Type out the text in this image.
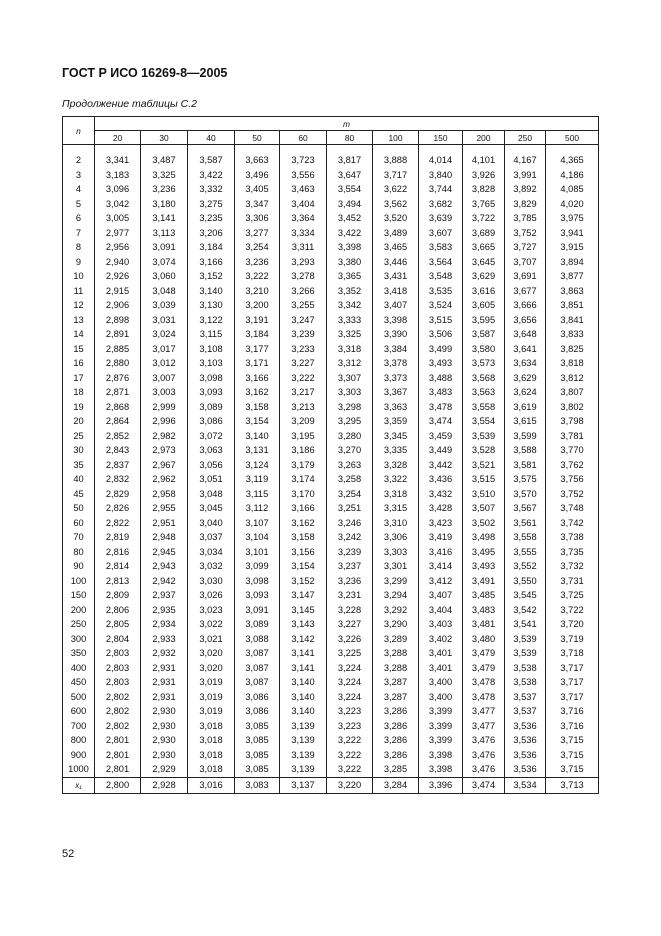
ГОСТ Р ИСО 16269-8—2005
Продолжение таблицы С.2
n	m										
	20	30	40	50	60	80	100	150	200	250	500
2	3,341	3,487	3,587	3,663	3,723	3,817	3,888	4,014	4,101	4,167	4,365
3	3,183	3,325	3,422	3,496	3,556	3,647	3,717	3,840	3,926	3,991	4,186
4	3,096	3,236	3,332	3,405	3,463	3,554	3,622	3,744	3,828	3,892	4,085
5	3,042	3,180	3,275	3,347	3,404	3,494	3,562	3,682	3,765	3,829	4,020
6	3,005	3,141	3,235	3,306	3,364	3,452	3,520	3,639	3,722	3,785	3,975
7	2,977	3,113	3,206	3,277	3,334	3,422	3,489	3,607	3,689	3,752	3,941
8	2,956	3,091	3,184	3,254	3,311	3,398	3,465	3,583	3,665	3,727	3,915
9	2,940	3,074	3,166	3,236	3,293	3,380	3,446	3,564	3,645	3,707	3,894
10	2,926	3,060	3,152	3,222	3,278	3,365	3,431	3,548	3,629	3,691	3,877
11	2,915	3,048	3,140	3,210	3,266	3,352	3,418	3,535	3,616	3,677	3,863
12	2,906	3,039	3,130	3,200	3,255	3,342	3,407	3,524	3,605	3,666	3,851
13	2,898	3,031	3,122	3,191	3,247	3,333	3,398	3,515	3,595	3,656	3,841
14	2,891	3,024	3,115	3,184	3,239	3,325	3,390	3,506	3,587	3,648	3,833
15	2,885	3,017	3,108	3,177	3,233	3,318	3,384	3,499	3,580	3,641	3,825
16	2,880	3,012	3,103	3,171	3,227	3,312	3,378	3,493	3,573	3,634	3,818
17	2,876	3,007	3,098	3,166	3,222	3,307	3,373	3,488	3,568	3,629	3,812
18	2,871	3,003	3,093	3,162	3,217	3,303	3,367	3,483	3,563	3,624	3,807
19	2,868	2,999	3,089	3,158	3,213	3,298	3,363	3,478	3,558	3,619	3,802
20	2,864	2,996	3,086	3,154	3,209	3,295	3,359	3,474	3,554	3,615	3,798
25	2,852	2,982	3,072	3,140	3,195	3,280	3,345	3,459	3,539	3,599	3,781
30	2,843	2,973	3,063	3,131	3,186	3,270	3,335	3,449	3,528	3,588	3,770
35	2,837	2,967	3,056	3,124	3,179	3,263	3,328	3,442	3,521	3,581	3,762
40	2,832	2,962	3,051	3,119	3,174	3,258	3,322	3,436	3,515	3,575	3,756
45	2,829	2,958	3,048	3,115	3,170	3,254	3,318	3,432	3,510	3,570	3,752
50	2,826	2,955	3,045	3,112	3,166	3,251	3,315	3,428	3,507	3,567	3,748
60	2,822	2,951	3,040	3,107	3,162	3,246	3,310	3,423	3,502	3,561	3,742
70	2,819	2,948	3,037	3,104	3,158	3,242	3,306	3,419	3,498	3,558	3,738
80	2,816	2,945	3,034	3,101	3,156	3,239	3,303	3,416	3,495	3,555	3,735
90	2,814	2,943	3,032	3,099	3,154	3,237	3,301	3,414	3,493	3,552	3,732
100	2,813	2,942	3,030	3,098	3,152	3,236	3,299	3,412	3,491	3,550	3,731
150	2,809	2,937	3,026	3,093	3,147	3,231	3,294	3,407	3,485	3,545	3,725
200	2,806	2,935	3,023	3,091	3,145	3,228	3,292	3,404	3,483	3,542	3,722
250	2,805	2,934	3,022	3,089	3,143	3,227	3,290	3,403	3,481	3,541	3,720
300	2,804	2,933	3,021	3,088	3,142	3,226	3,289	3,402	3,480	3,539	3,719
350	2,803	2,932	3,020	3,087	3,141	3,225	3,288	3,401	3,479	3,539	3,718
400	2,803	2,931	3,020	3,087	3,141	3,224	3,288	3,401	3,479	3,538	3,717
450	2,803	2,931	3,019	3,087	3,140	3,224	3,287	3,400	3,478	3,538	3,717
500	2,802	2,931	3,019	3,086	3,140	3,224	3,287	3,400	3,478	3,537	3,717
600	2,802	2,930	3,019	3,086	3,140	3,223	3,286	3,399	3,477	3,537	3,716
700	2,802	2,930	3,018	3,085	3,139	3,223	3,286	3,399	3,477	3,536	3,716
800	2,801	2,930	3,018	3,085	3,139	3,222	3,286	3,399	3,476	3,536	3,715
900	2,801	2,930	3,018	3,085	3,139	3,222	3,286	3,398	3,476	3,536	3,715
1000	2,801	2,929	3,018	3,085	3,139	3,222	3,285	3,398	3,476	3,536	3,715
x₁	2,800	2,928	3,016	3,083	3,137	3,220	3,284	3,396	3,474	3,534	3,713
52
